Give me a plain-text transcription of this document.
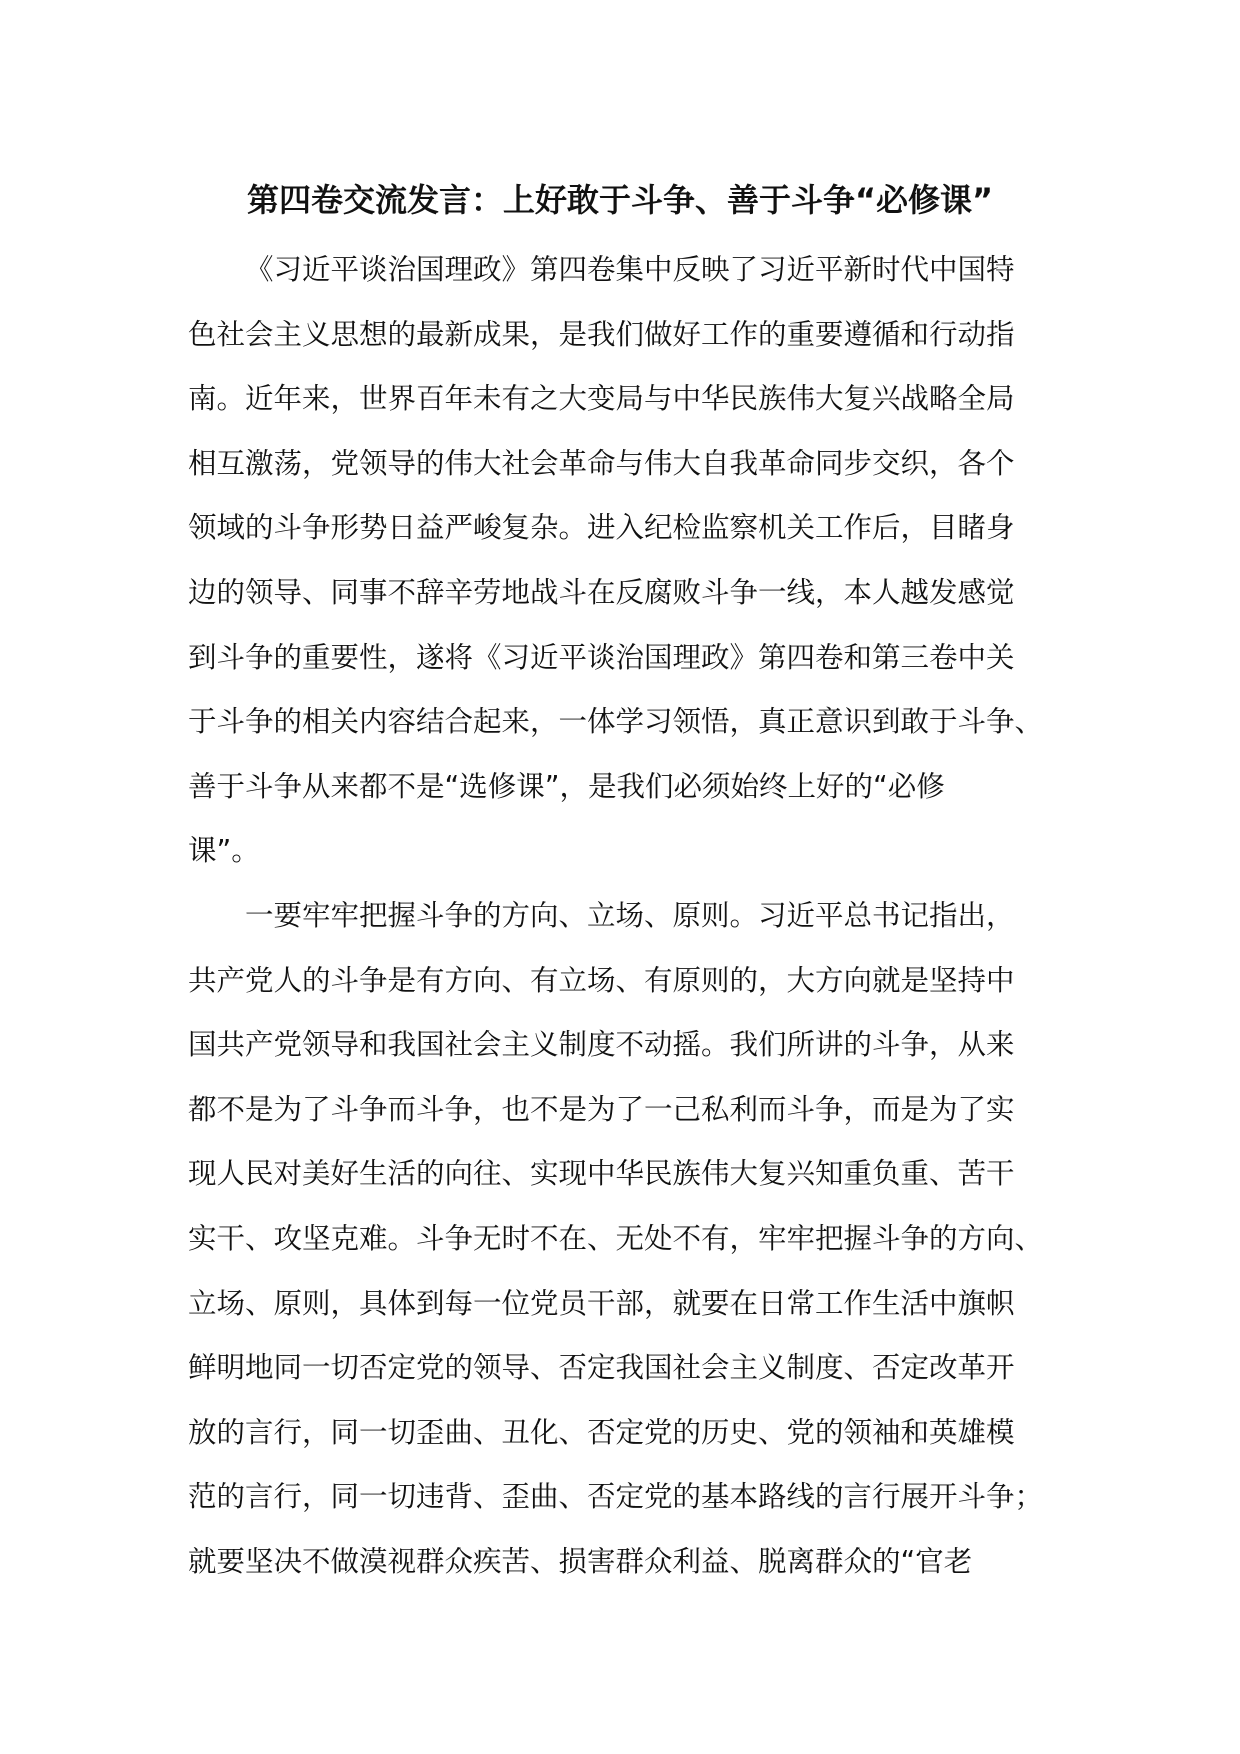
第四卷交流发言：上好敢于斗争、善于斗争“必修课”

《习近平谈治国理政》第四卷集中反映了习近平新时代中国特
色社会主义思想的最新成果，是我们做好工作的重要遵循和行动指
南。近年来，世界百年未有之大变局与中华民族伟大复兴战略全局
相互激荡，党领导的伟大社会革命与伟大自我革命同步交织，各个
领域的斗争形势日益严峻复杂。进入纪检监察机关工作后，目睹身
边的领导、同事不辞辛劳地战斗在反腐败斗争一线，本人越发感觉
到斗争的重要性，遂将《习近平谈治国理政》第四卷和第三卷中关
于斗争的相关内容结合起来，一体学习领悟，真正意识到敢于斗争、
善于斗争从来都不是“选修课”，是我们必须始终上好的“必修
课”。

一要牢牢把握斗争的方向、立场、原则。习近平总书记指出，
共产党人的斗争是有方向、有立场、有原则的，大方向就是坚持中
国共产党领导和我国社会主义制度不动摇。我们所讲的斗争，从来
都不是为了斗争而斗争，也不是为了一己私利而斗争，而是为了实
现人民对美好生活的向往、实现中华民族伟大复兴知重负重、苦干
实干、攻坚克难。斗争无时不在、无处不有，牢牢把握斗争的方向、
立场、原则，具体到每一位党员干部，就要在日常工作生活中旗帜
鲜明地同一切否定党的领导、否定我国社会主义制度、否定改革开
放的言行，同一切歪曲、丑化、否定党的历史、党的领袖和英雄模
范的言行，同一切违背、歪曲、否定党的基本路线的言行展开斗争；
就要坚决不做漠视群众疾苦、损害群众利益、脱离群众的“官老
